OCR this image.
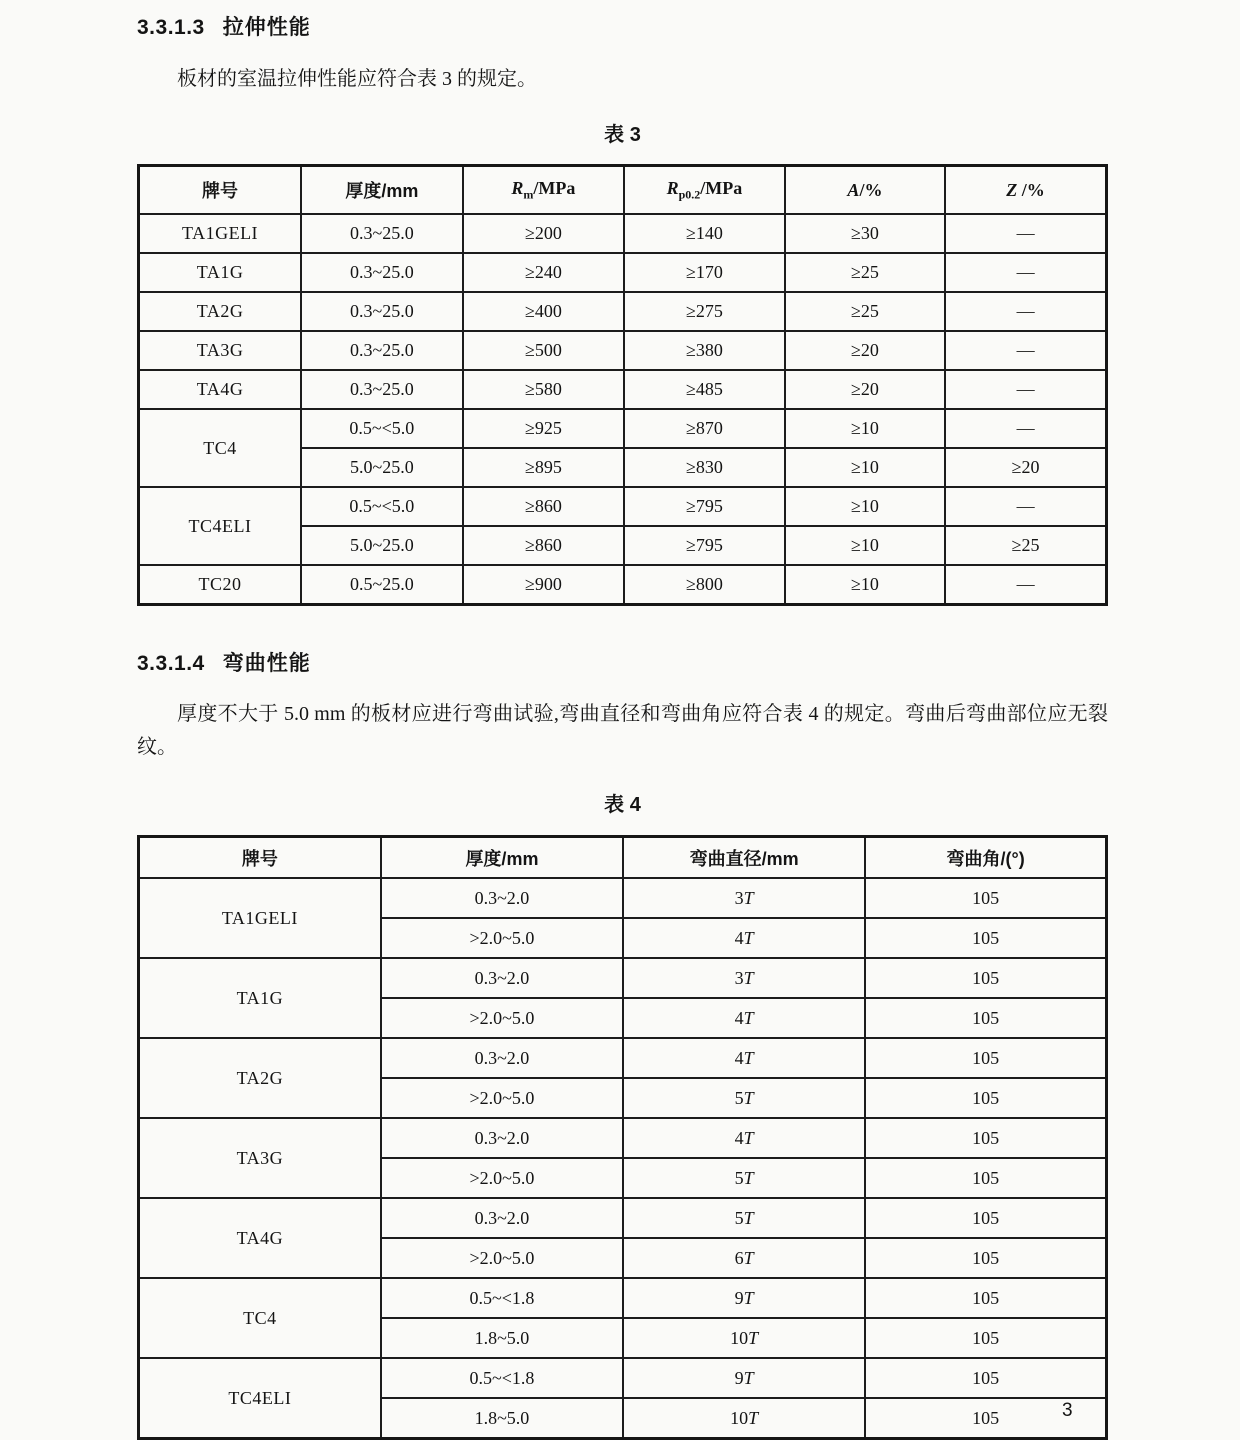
3.3.1.3 拉伸性能

板材的室温拉伸性能应符合表 3 的规定。

表 3
牌号	厚度/mm	$R_m$/MPa	$R_{p0.2}$/MPa	A/%	Z /%
TA1GELI	0.3~25.0	≥200	≥140	≥30	—
TA1G	0.3~25.0	≥240	≥170	≥25	—
TA2G	0.3~25.0	≥400	≥275	≥25	—
TA3G	0.3~25.0	≥500	≥380	≥20	—
TA4G	0.3~25.0	≥580	≥485	≥20	—
TC4	0.5~<5.0	≥925	≥870	≥10	—
	5.0~25.0	≥895	≥830	≥10	≥20
TC4ELI	0.5~<5.0	≥860	≥795	≥10	—
	5.0~25.0	≥860	≥795	≥10	≥25
TC20	0.5~25.0	≥900	≥800	≥10	—
3.3.1.4 弯曲性能

厚度不大于 5.0 mm 的板材应进行弯曲试验,弯曲直径和弯曲角应符合表 4 的规定。弯曲后弯曲部位应无裂纹。

表 4
牌号	厚度/mm	弯曲直径/mm	弯曲角/(°)
TA1GELI	0.3~2.0	3T	105
	>2.0~5.0	4T	105
TA1G	0.3~2.0	3T	105
	>2.0~5.0	4T	105
TA2G	0.3~2.0	4T	105
	>2.0~5.0	5T	105
TA3G	0.3~2.0	4T	105
	>2.0~5.0	5T	105
TA4G	0.3~2.0	5T	105
	>2.0~5.0	6T	105
TC4	0.5~<1.8	9T	105
	1.8~5.0	10T	105
TC4ELI	0.5~<1.8	9T	105
	1.8~5.0	10T	105	3
